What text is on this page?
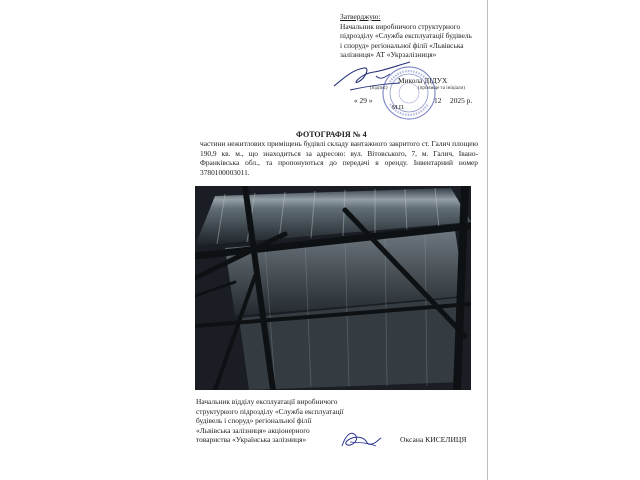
Затверджую:
Начальник виробничого структурного
підрозділу «Служба експлуатації будівель
і споруд» регіональної філії «Львівська
залізниця» АТ «Укрзалізниця»
Микола ДІДУХ
(підпис)	(прізвище та ініціали)
« 29 »	12 2025 р.
М.П.
ФОТОГРАФІЯ № 4
частини нежитлових приміщень будівлі складу вантажного закритого ст. Галич площею 190,9 кв. м., що знаходиться за адресою: вул. Вітовського, 7, м. Галич, Івано-Франківська обл., та пропонуються до передачі в оренду. Інвентарний номер 3780100003011.
Начальник відділу експлуатації виробничого
структурного підрозділу «Служба експлуатації
будівель і споруд» регіональної філії
«Львівська залізниця» акціонерного
товариства «Українська залізниця»	Оксана КИСЕЛИЦЯ
